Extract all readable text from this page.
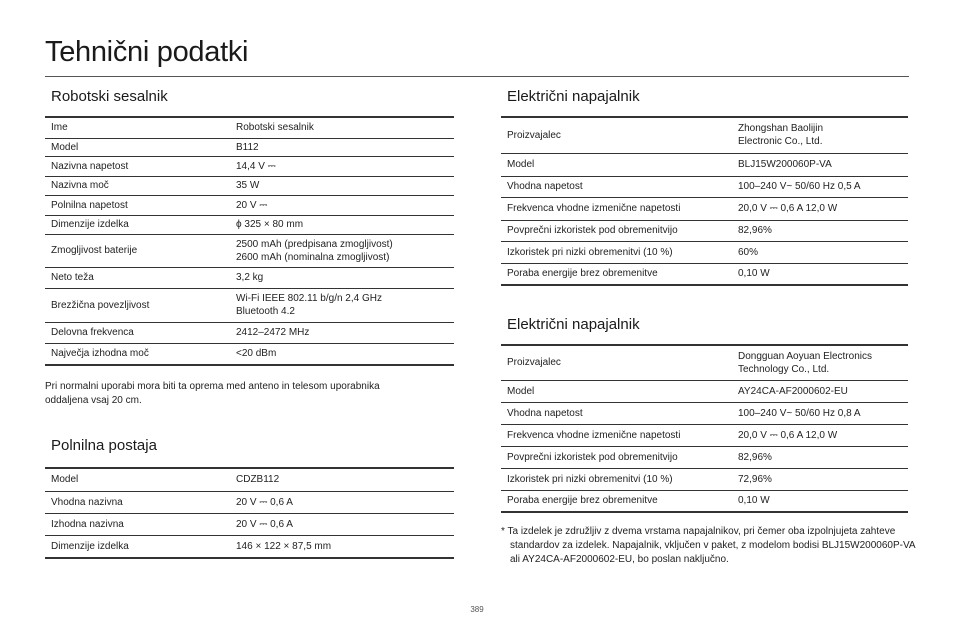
Tehnični podatki
Robotski sesalnik
Ime	Robotski sesalnik
Model	B112
Nazivna napetost	14,4 V ⎓
Nazivna moč	35 W
Polnilna napetost	20 V ⎓
Dimenzije izdelka	ϕ 325 × 80 mm
Zmogljivost baterije	2500 mAh (predpisana zmogljivost)
2600 mAh (nominalna zmogljivost)
Neto teža	3,2 kg
Brezžična povezljivost	Wi-Fi IEEE 802.11 b/g/n 2,4 GHz
Bluetooth 4.2
Delovna frekvenca	2412–2472 MHz
Največja izhodna moč	<20 dBm

Pri normalni uporabi mora biti ta oprema med anteno in telesom uporabnika
oddaljena vsaj 20 cm.

Polnilna postaja
Model	CDZB112
Vhodna nazivna	20 V ⎓ 0,6 A
Izhodna nazivna	20 V ⎓ 0,6 A
Dimenzije izdelka	146 × 122 × 87,5 mm
Električni napajalnik
Proizvajalec	Zhongshan Baolijin
Electronic Co., Ltd.
Model	BLJ15W200060P-VA
Vhodna napetost	100–240 V~ 50/60 Hz 0,5 A
Frekvenca vhodne izmenične napetosti	20,0 V ⎓ 0,6 A 12,0 W
Povprečni izkoristek pod obremenitvijo	82,96%
Izkoristek pri nizki obremenitvi (10 %)	60%
Poraba energije brez obremenitve	0,10 W
Električni napajalnik
Proizvajalec	Dongguan Aoyuan Electronics
Technology Co., Ltd.
Model	AY24CA-AF2000602-EU
Vhodna napetost	100–240 V~ 50/60 Hz 0,8 A
Frekvenca vhodne izmenične napetosti	20,0 V ⎓ 0,6 A 12,0 W
Povprečni izkoristek pod obremenitvijo	82,96%
Izkoristek pri nizki obremenitvi (10 %)	72,96%
Poraba energije brez obremenitve	0,10 W

* Ta izdelek je združljiv z dvema vrstama napajalnikov, pri čemer oba izpolnjujeta zahteve standardov za izdelek. Napajalnik, vključen v paket, z modelom bodisi BLJ15W200060P-VA ali AY24CA-AF2000602-EU, bo poslan naključno.

389
